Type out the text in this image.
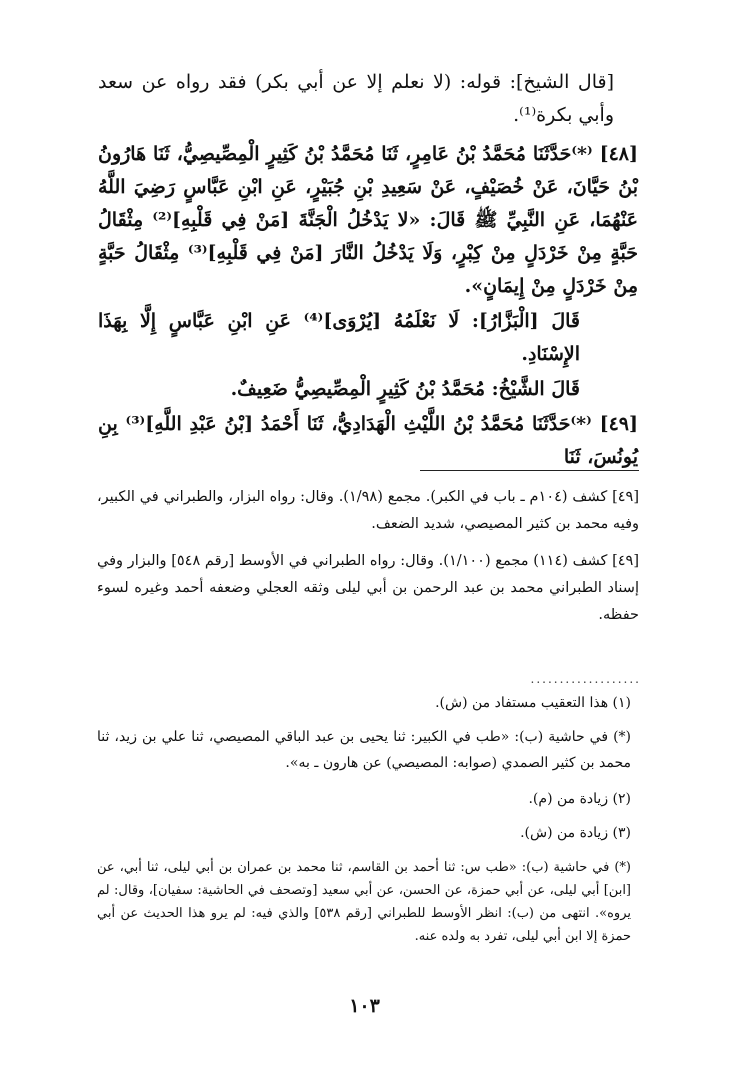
[قال الشيخ]: قوله: (لا نعلم إلا عن أبي بكر) فقد رواه عن سعد وأبي بكرة⁽¹⁾.

[٤٨] ⁽*⁾حَدَّثَنَا مُحَمَّدُ بْنُ عَامِرٍ، ثَنَا مُحَمَّدُ بْنُ كَثِيرٍ الْمِصِّيصِيُّ، ثَنَا هَارُونُ بْنُ حَيَّانَ، عَنْ خُصَيْفٍ، عَنْ سَعِيدِ بْنِ جُبَيْرٍ، عَنِ ابْنِ عَبَّاسٍ رَضِيَ اللَّهُ عَنْهُمَا، عَنِ النَّبِيِّ ﷺ قَالَ: «لا يَدْخُلُ الْجَنَّةَ [مَنْ فِي قَلْبِهِ]⁽²⁾ مِثْقَالُ حَبَّةٍ مِنْ خَرْدَلٍ مِنْ كِبْرٍ، وَلَا يَدْخُلُ النَّارَ [مَنْ فِي قَلْبِهِ]⁽³⁾ مِثْقَالُ حَبَّةٍ مِنْ خَرْدَلٍ مِنْ إِيمَانٍ».

قَالَ [الْبَزَّارُ]: لَا نَعْلَمُهُ [يُرْوَى]⁽⁴⁾ عَنِ ابْنِ عَبَّاسٍ إِلَّا بِهَذَا الإِسْنَادِ.

قَالَ الشَّيْخُ: مُحَمَّدُ بْنُ كَثِيرٍ الْمِصِّيصِيُّ ضَعِيفٌ.

[٤٩] ⁽*⁾حَدَّثَنَا مُحَمَّدُ بْنُ اللَّيْثِ الْهَدَادِيُّ، ثَنَا أَحْمَدُ [بْنُ عَبْدِ اللَّهِ]⁽³⁾ بِنِ يُونُسَ، ثَنَا

[٤٩] كشف (١٠٤م ـ باب في الكبر). مجمع (١/٩٨). وقال: رواه البزار، والطبراني في الكبير، وفيه محمد بن كثير المصيصي، شديد الضعف.

[٤٩] كشف (١١٤) مجمع (١/١٠٠). وقال: رواه الطبراني في الأوسط [رقم ٥٤٨] والبزار وفي إسناد الطبراني محمد بن عبد الرحمن بن أبي ليلى وثقه العجلي وضعفه أحمد وغيره لسوء حفظه.

...................

(١) هذا التعقيب مستفاد من (ش).

(*) في حاشية (ب): «طب في الكبير: ثنا يحيى بن عبد الباقي المصيصي، ثنا علي بن زيد، ثنا محمد بن كثير الصمدي (صوابه: المصيصي) عن هارون ـ به».

(٢) زيادة من (م).

(٣) زيادة من (ش).

(*) في حاشية (ب): «طب س: ثنا أحمد بن القاسم، ثنا محمد بن عمران بن أبي ليلى، ثنا أبي، عن [ابن] أبي ليلى، عن أبي حمزة، عن الحسن، عن أبي سعيد [وتصحف في الحاشية: سفيان]، وقال: لم يروه». انتهى من (ب): انظر الأوسط للطبراني [رقم ٥٣٨] والذي فيه: لم يرو هذا الحديث عن أبي حمزة إلا ابن أبي ليلى، تفرد به ولده عنه.

١٠٣
